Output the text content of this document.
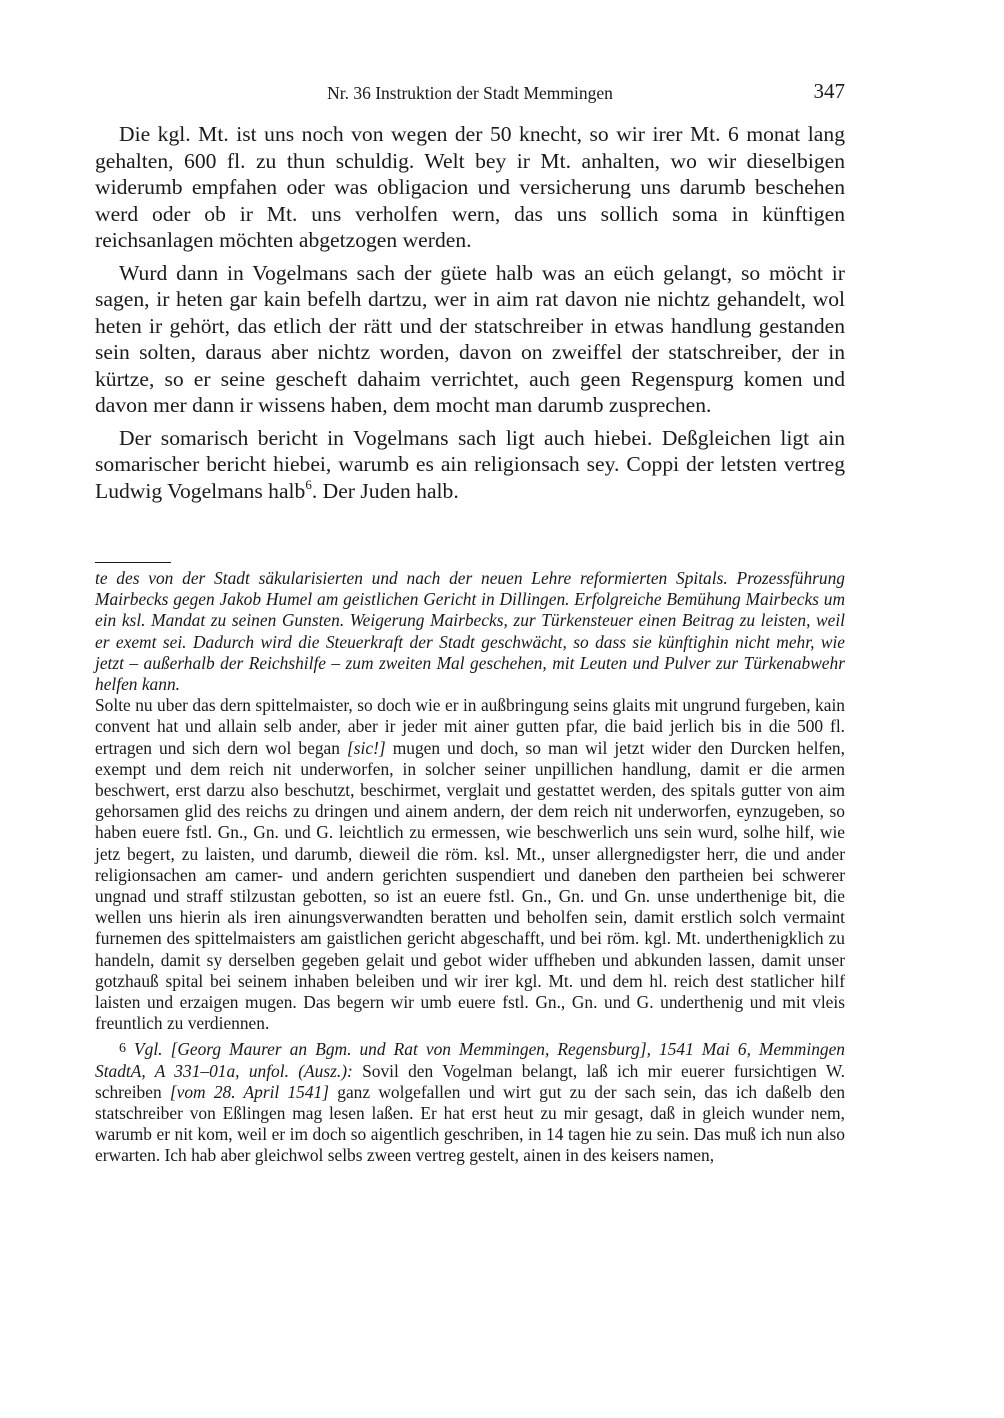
Nr. 36 Instruktion der Stadt Memmingen	347

Die kgl. Mt. ist uns noch von wegen der 50 knecht, so wir irer Mt. 6 monat lang gehalten, 600 fl. zu thun schuldig. Welt bey ir Mt. anhalten, wo wir dieselbigen widerumb empfahen oder was obligacion und versicherung uns darumb beschehen werd oder ob ir Mt. uns verholfen wern, das uns sollich soma in künftigen reichsanlagen möchten abgetzogen werden.

Wurd dann in Vogelmans sach der güete halb was an eüch gelangt, so möcht ir sagen, ir heten gar kain befelh dartzu, wer in aim rat davon nie nichtz gehandelt, wol heten ir gehört, das etlich der rätt und der statschreiber in etwas handlung gestanden sein solten, daraus aber nichtz worden, davon on zweiffel der statschreiber, der in kürtze, so er seine gescheft dahaim verrichtet, auch geen Regenspurg komen und davon mer dann ir wissens haben, dem mocht man darumb zusprechen.

Der somarisch bericht in Vogelmans sach ligt auch hiebei. Deßgleichen ligt ain somarischer bericht hiebei, warumb es ain religionsach sey. Coppi der letsten vertreg Ludwig Vogelmans halb$^6$. Der Juden halb.

te des von der Stadt säkularisierten und nach der neuen Lehre reformierten Spitals. Prozessführung Mairbecks gegen Jakob Humel am geistlichen Gericht in Dillingen. Erfolgreiche Bemühung Mairbecks um ein ksl. Mandat zu seinen Gunsten. Weigerung Mairbecks, zur Türkensteuer einen Beitrag zu leisten, weil er exemt sei. Dadurch wird die Steuerkraft der Stadt geschwächt, so dass sie künftighin nicht mehr, wie jetzt – außerhalb der Reichshilfe – zum zweiten Mal geschehen, mit Leuten und Pulver zur Türkenabwehr helfen kann.

Solte nu uber das dern spittelmaister, so doch wie er in außbringung seins glaits mit ungrund furgeben, kain convent hat und allain selb ander, aber ir jeder mit ainer gutten pfar, die baid jerlich bis in die 500 fl. ertragen und sich dern wol began [sic!] mugen und doch, so man wil jetzt wider den Durcken helfen, exempt und dem reich nit underworfen, in solcher seiner unpillichen handlung, damit er die armen beschwert, erst darzu also beschutzt, beschirmet, verglait und gestattet werden, des spitals gutter von aim gehorsamen glid des reichs zu dringen und ainem andern, der dem reich nit underworfen, eynzugeben, so haben euere fstl. Gn., Gn. und G. leichtlich zu ermessen, wie beschwerlich uns sein wurd, solhe hilf, wie jetz begert, zu laisten, und darumb, dieweil die röm. ksl. Mt., unser allergnedigster herr, die und ander religionsachen am camer- und andern gerichten suspendiert und daneben den partheien bei schwerer ungnad und straff stilzustan gebotten, so ist an euere fstl. Gn., Gn. und Gn. unse underthenige bit, die wellen uns hierin als iren ainungsverwandten beratten und beholfen sein, damit erstlich solch vermaint furnemen des spittelmaisters am gaistlichen gericht abgeschafft, und bei röm. kgl. Mt. underthenigklich zu handeln, damit sy derselben gegeben gelait und gebot wider uffheben und abkunden lassen, damit unser gotzhauß spital bei seinem inhaben beleiben und wir irer kgl. Mt. und dem hl. reich dest statlicher hilf laisten und erzaigen mugen. Das begern wir umb euere fstl. Gn., Gn. und G. underthenig und mit vleis freuntlich zu verdiennen.

6 Vgl. [Georg Maurer an Bgm. und Rat von Memmingen, Regensburg], 1541 Mai 6, Memmingen StadtA, A 331–01a, unfol. (Ausz.): Sovil den Vogelman belangt, laß ich mir euerer fursichtigen W. schreiben [vom 28. April 1541] ganz wolgefallen und wirt gut zu der sach sein, das ich daßelb den statschreiber von Eßlingen mag lesen laßen. Er hat erst heut zu mir gesagt, daß in gleich wunder nem, warumb er nit kom, weil er im doch so aigentlich geschriben, in 14 tagen hie zu sein. Das muß ich nun also erwarten. Ich hab aber gleichwol selbs zween vertreg gestelt, ainen in des keisers namen,
